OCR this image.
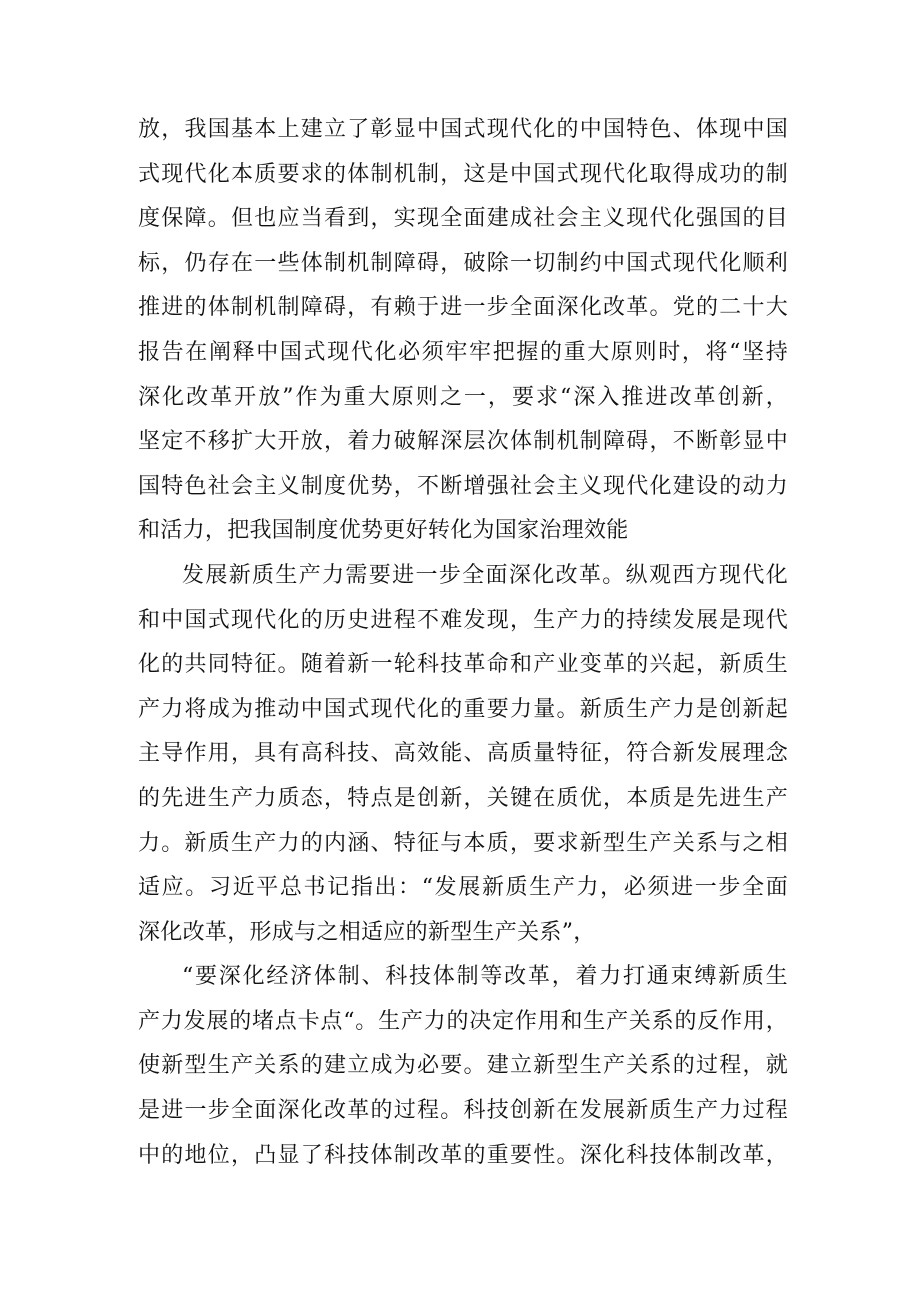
放，我国基本上建立了彰显中国式现代化的中国特色、体现中国
式现代化本质要求的体制机制，这是中国式现代化取得成功的制
度保障。但也应当看到，实现全面建成社会主义现代化强国的目
标，仍存在一些体制机制障碍，破除一切制约中国式现代化顺利
推进的体制机制障碍，有赖于进一步全面深化改革。党的二十大
报告在阐释中国式现代化必须牢牢把握的重大原则时，将“坚持
深化改革开放”作为重大原则之一，要求“深入推进改革创新，
坚定不移扩大开放，着力破解深层次体制机制障碍，不断彰显中
国特色社会主义制度优势，不断增强社会主义现代化建设的动力
和活力，把我国制度优势更好转化为国家治理效能
发展新质生产力需要进一步全面深化改革。纵观西方现代化
和中国式现代化的历史进程不难发现，生产力的持续发展是现代
化的共同特征。随着新一轮科技革命和产业变革的兴起，新质生
产力将成为推动中国式现代化的重要力量。新质生产力是创新起
主导作用，具有高科技、高效能、高质量特征，符合新发展理念
的先进生产力质态，特点是创新，关键在质优，本质是先进生产
力。新质生产力的内涵、特征与本质，要求新型生产关系与之相
适应。习近平总书记指出：“发展新质生产力，必须进一步全面
深化改革，形成与之相适应的新型生产关系”，
“要深化经济体制、科技体制等改革，着力打通束缚新质生
产力发展的堵点卡点“。生产力的决定作用和生产关系的反作用，
使新型生产关系的建立成为必要。建立新型生产关系的过程，就
是进一步全面深化改革的过程。科技创新在发展新质生产力过程
中的地位，凸显了科技体制改革的重要性。深化科技体制改革，
